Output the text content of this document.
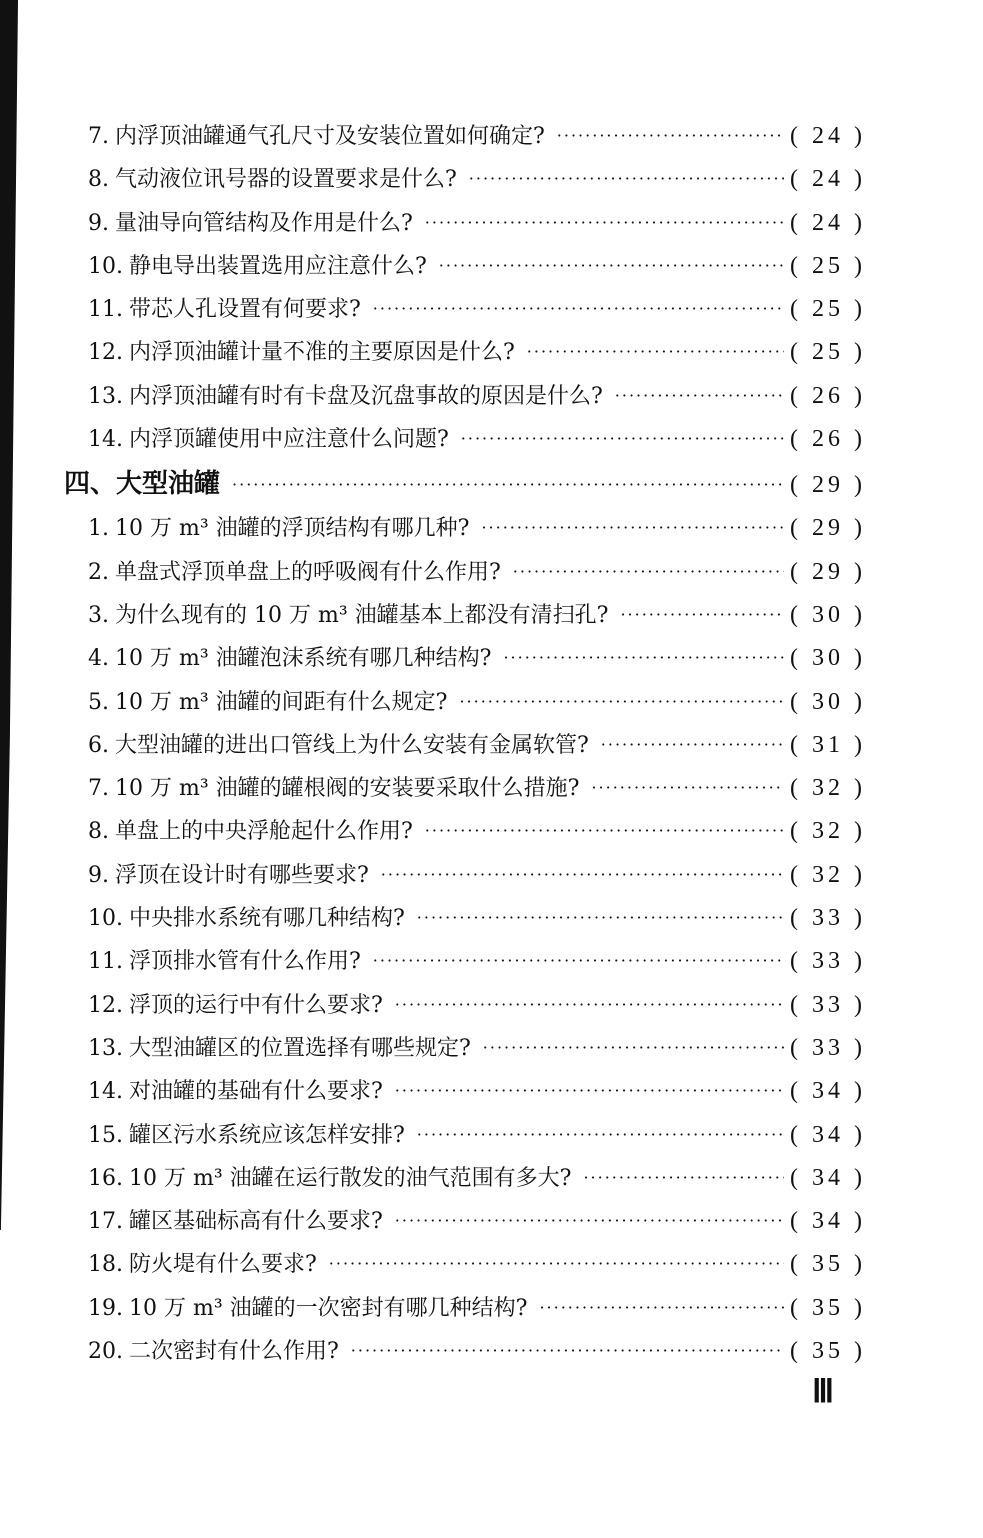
7. 内浮顶油罐通气孔尺寸及安装位置如何确定? ·····	( 24 )
8. 气动液位讯号器的设置要求是什么? ·····	( 24 )
9. 量油导向管结构及作用是什么? ·····	( 24 )
10. 静电导出装置选用应注意什么? ·····	( 25 )
11. 带芯人孔设置有何要求? ·····	( 25 )
12. 内浮顶油罐计量不准的主要原因是什么? ·····	( 25 )
13. 内浮顶油罐有时有卡盘及沉盘事故的原因是什么? ·····	( 26 )
14. 内浮顶罐使用中应注意什么问题? ·····	( 26 )
四、大型油罐 ·····	( 29 )
1. 10 万 m³ 油罐的浮顶结构有哪几种? ·····	( 29 )
2. 单盘式浮顶单盘上的呼吸阀有什么作用? ·····	( 29 )
3. 为什么现有的 10 万 m³ 油罐基本上都没有清扫孔? ·····	( 30 )
4. 10 万 m³ 油罐泡沫系统有哪几种结构? ·····	( 30 )
5. 10 万 m³ 油罐的间距有什么规定? ·····	( 30 )
6. 大型油罐的进出口管线上为什么安装有金属软管? ·····	( 31 )
7. 10 万 m³ 油罐的罐根阀的安装要采取什么措施? ·····	( 32 )
8. 单盘上的中央浮舱起什么作用? ·····	( 32 )
9. 浮顶在设计时有哪些要求? ·····	( 32 )
10. 中央排水系统有哪几种结构? ·····	( 33 )
11. 浮顶排水管有什么作用? ·····	( 33 )
12. 浮顶的运行中有什么要求? ·····	( 33 )
13. 大型油罐区的位置选择有哪些规定? ·····	( 33 )
14. 对油罐的基础有什么要求? ·····	( 34 )
15. 罐区污水系统应该怎样安排? ·····	( 34 )
16. 10 万 m³ 油罐在运行散发的油气范围有多大? ·····	( 34 )
17. 罐区基础标高有什么要求? ·····	( 34 )
18. 防火堤有什么要求? ·····	( 35 )
19. 10 万 m³ 油罐的一次密封有哪几种结构? ·····	( 35 )
20. 二次密封有什么作用? ·····	( 35 )
Ⅲ
